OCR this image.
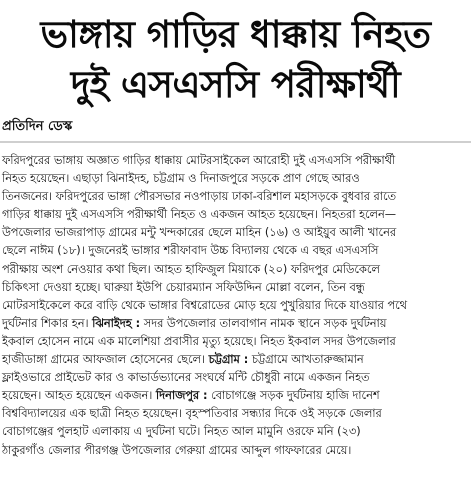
ভাঙ্গায় গাড়ির ধাক্কায় নিহত
দুই এসএসসি পরীক্ষার্থী
প্রতিদিন ডেস্ক
ফরিদপুরের ভাঙ্গায় অজ্ঞাত গাড়ির ধাক্কায় মোটরসাইকেল আরোহী দুই এসএসসি পরীক্ষার্থী
নিহত হয়েছেন। এছাড়া ঝিনাইদহ, চট্টগ্রাম ও দিনাজপুরে সড়কে প্রাণ গেছে আরও
তিনজনের। ফরিদপুরের ভাঙ্গা পৌরসভার নওপাড়ায় ঢাকা-বরিশাল মহাসড়কে বুধবার রাতে
গাড়ির ধাক্কায় দুই এসএসসি পরীক্ষার্থী নিহত ও একজন আহত হয়েছেন। নিহতরা হলেন—
উপজেলার ভাজরাপাড় গ্রামের মন্টু খন্দকারের ছেলে মাহিন (১৬) ও আইয়ুব আলী খানের
ছেলে নাঈম (১৮)। দুজনেরই ভাঙ্গার শরীফাবাদ উচ্চ বিদ্যালয় থেকে এ বছর এসএসসি
পরীক্ষায় অংশ নেওয়ার কথা ছিল। আহত হাফিজুল মিয়াকে (২০) ফরিদপুর মেডিকেলে
চিকিৎসা দেওয়া হচ্ছে। ঘারুয়া ইউপি চেয়ারম্যান সফিউদ্দিন মোল্লা বলেন, তিন বন্ধু
মোটরসাইকেলে করে বাড়ি থেকে ভাঙ্গার বিশ্বরোডের মোড় হয়ে পুখুরিয়ার দিকে যাওয়ার পথে
দুর্ঘটনার শিকার হন। ঝিনাইদহ : সদর উপজেলার তালবাগান নামক স্থানে সড়ক দুর্ঘটনায়
ইকবাল হোসেন নামে এক মালেশিয়া প্রবাসীর মৃত্যু হয়েছে। নিহত ইকবাল সদর উপজেলার
হাজীডাঙ্গা গ্রামের আফজাল হোসেনের ছেলে। চট্টগ্রাম : চট্টগ্রামে আখতারুজ্জামান
ফ্লাইওভারে প্রাইভেট কার ও কাভার্ডভ্যানের সংঘর্ষে মন্টি চৌধুরী নামে একজন নিহত
হয়েছেন। আহত হয়েছেন একজন। দিনাজপুর : বোচাগঞ্জে সড়ক দুর্ঘটনায় হাজি দানেশ
বিশ্ববিদ্যালয়ের এক ছাত্রী নিহত হয়েছেন। বৃহস্পতিবার সন্ধ্যার দিকে ওই সড়কে জেলার
বোচাগঞ্জের পুলহাট এলাকায় এ দুর্ঘটনা ঘটে। নিহত আল মামুনি ওরফে মনি (২৩)
ঠাকুরগাঁও জেলার পীরগঞ্জ উপজেলার গেরুয়া গ্রামের আব্দুল গাফফারের মেয়ে।
